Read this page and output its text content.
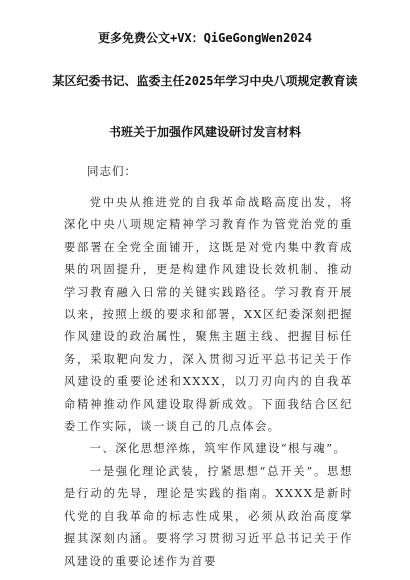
更多免费公文+VX：QiGeGongWen2024
某区纪委书记、监委主任2025年学习中央八项规定教育读
书班关于加强作风建设研讨发言材料
同志们：

党中央从推进党的自我革命战略高度出发，将深化中央八项规定精神学习教育作为管党治党的重要部署在全党全面铺开，这既是对党内集中教育成果的巩固提升，更是构建作风建设长效机制、推动学习教育融入日常的关键实践路径。学习教育开展以来，按照上级的要求和部署，XX区纪委深刻把握作风建设的政治属性，聚焦主题主线、把握目标任务，采取靶向发力，深入贯彻习近平总书记关于作风建设的重要论述和XXXX，以刀刃向内的自我革命精神推动作风建设取得新成效。下面我结合区纪委工作实际，谈一谈自己的几点体会。

一、深化思想淬炼，筑牢作风建设“根与魂”。

一是强化理论武装，拧紧思想“总开关”。思想是行动的先导，理论是实践的指南。XXXX是新时代党的自我革命的标志性成果，必须从政治高度掌握其深刻内涵。要将学习贯彻习近平总书记关于作风建设的重要论述作为首要
